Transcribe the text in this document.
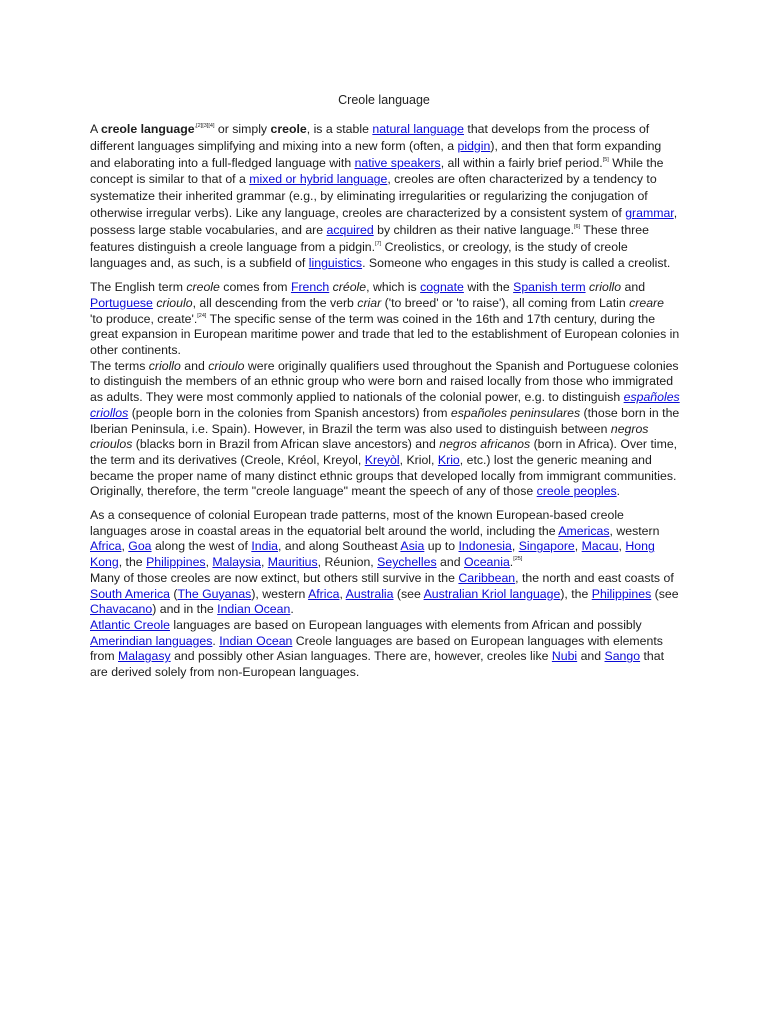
Creole language

A creole language$^{,[2][3][4]}$ or simply creole, is a stable natural language that develops from the process of different languages simplifying and mixing into a new form (often, a pidgin), and then that form expanding and elaborating into a full-fledged language with native speakers, all within a fairly brief period.[5] While the concept is similar to that of a mixed or hybrid language, creoles are often characterized by a tendency to systematize their inherited grammar (e.g., by eliminating irregularities or regularizing the conjugation of otherwise irregular verbs). Like any language, creoles are characterized by a consistent system of grammar, possess large stable vocabularies, and are acquired by children as their native language.[6] These three features distinguish a creole language from a pidgin.[7] Creolistics, or creology, is the study of creole languages and, as such, is a subfield of linguistics. Someone who engages in this study is called a creolist.

The English term creole comes from French créole, which is cognate with the Spanish term criollo and Portuguese crioulo, all descending from the verb criar ('to breed' or 'to raise'), all coming from Latin creare 'to produce, create'.[24] The specific sense of the term was coined in the 16th and 17th century, during the great expansion in European maritime power and trade that led to the establishment of European colonies in other continents.

The terms criollo and crioulo were originally qualifiers used throughout the Spanish and Portuguese colonies to distinguish the members of an ethnic group who were born and raised locally from those who immigrated as adults. They were most commonly applied to nationals of the colonial power, e.g. to distinguish españoles criollos (people born in the colonies from Spanish ancestors) from españoles peninsulares (those born in the Iberian Peninsula, i.e. Spain). However, in Brazil the term was also used to distinguish between negros crioulos (blacks born in Brazil from African slave ancestors) and negros africanos (born in Africa). Over time, the term and its derivatives (Creole, Kréol, Kreyol, Kreyòl, Kriol, Krio, etc.) lost the generic meaning and became the proper name of many distinct ethnic groups that developed locally from immigrant communities. Originally, therefore, the term "creole language" meant the speech of any of those creole peoples.

As a consequence of colonial European trade patterns, most of the known European-based creole languages arose in coastal areas in the equatorial belt around the world, including the Americas, western Africa, Goa along the west of India, and along Southeast Asia up to Indonesia, Singapore, Macau, Hong Kong, the Philippines, Malaysia, Mauritius, Réunion, Seychelles and Oceania.[25]

Many of those creoles are now extinct, but others still survive in the Caribbean, the north and east coasts of South America (The Guyanas), western Africa, Australia (see Australian Kriol language), the Philippines (see Chavacano) and in the Indian Ocean.

Atlantic Creole languages are based on European languages with elements from African and possibly Amerindian languages. Indian Ocean Creole languages are based on European languages with elements from Malagasy and possibly other Asian languages. There are, however, creoles like Nubi and Sango that are derived solely from non-European languages.
